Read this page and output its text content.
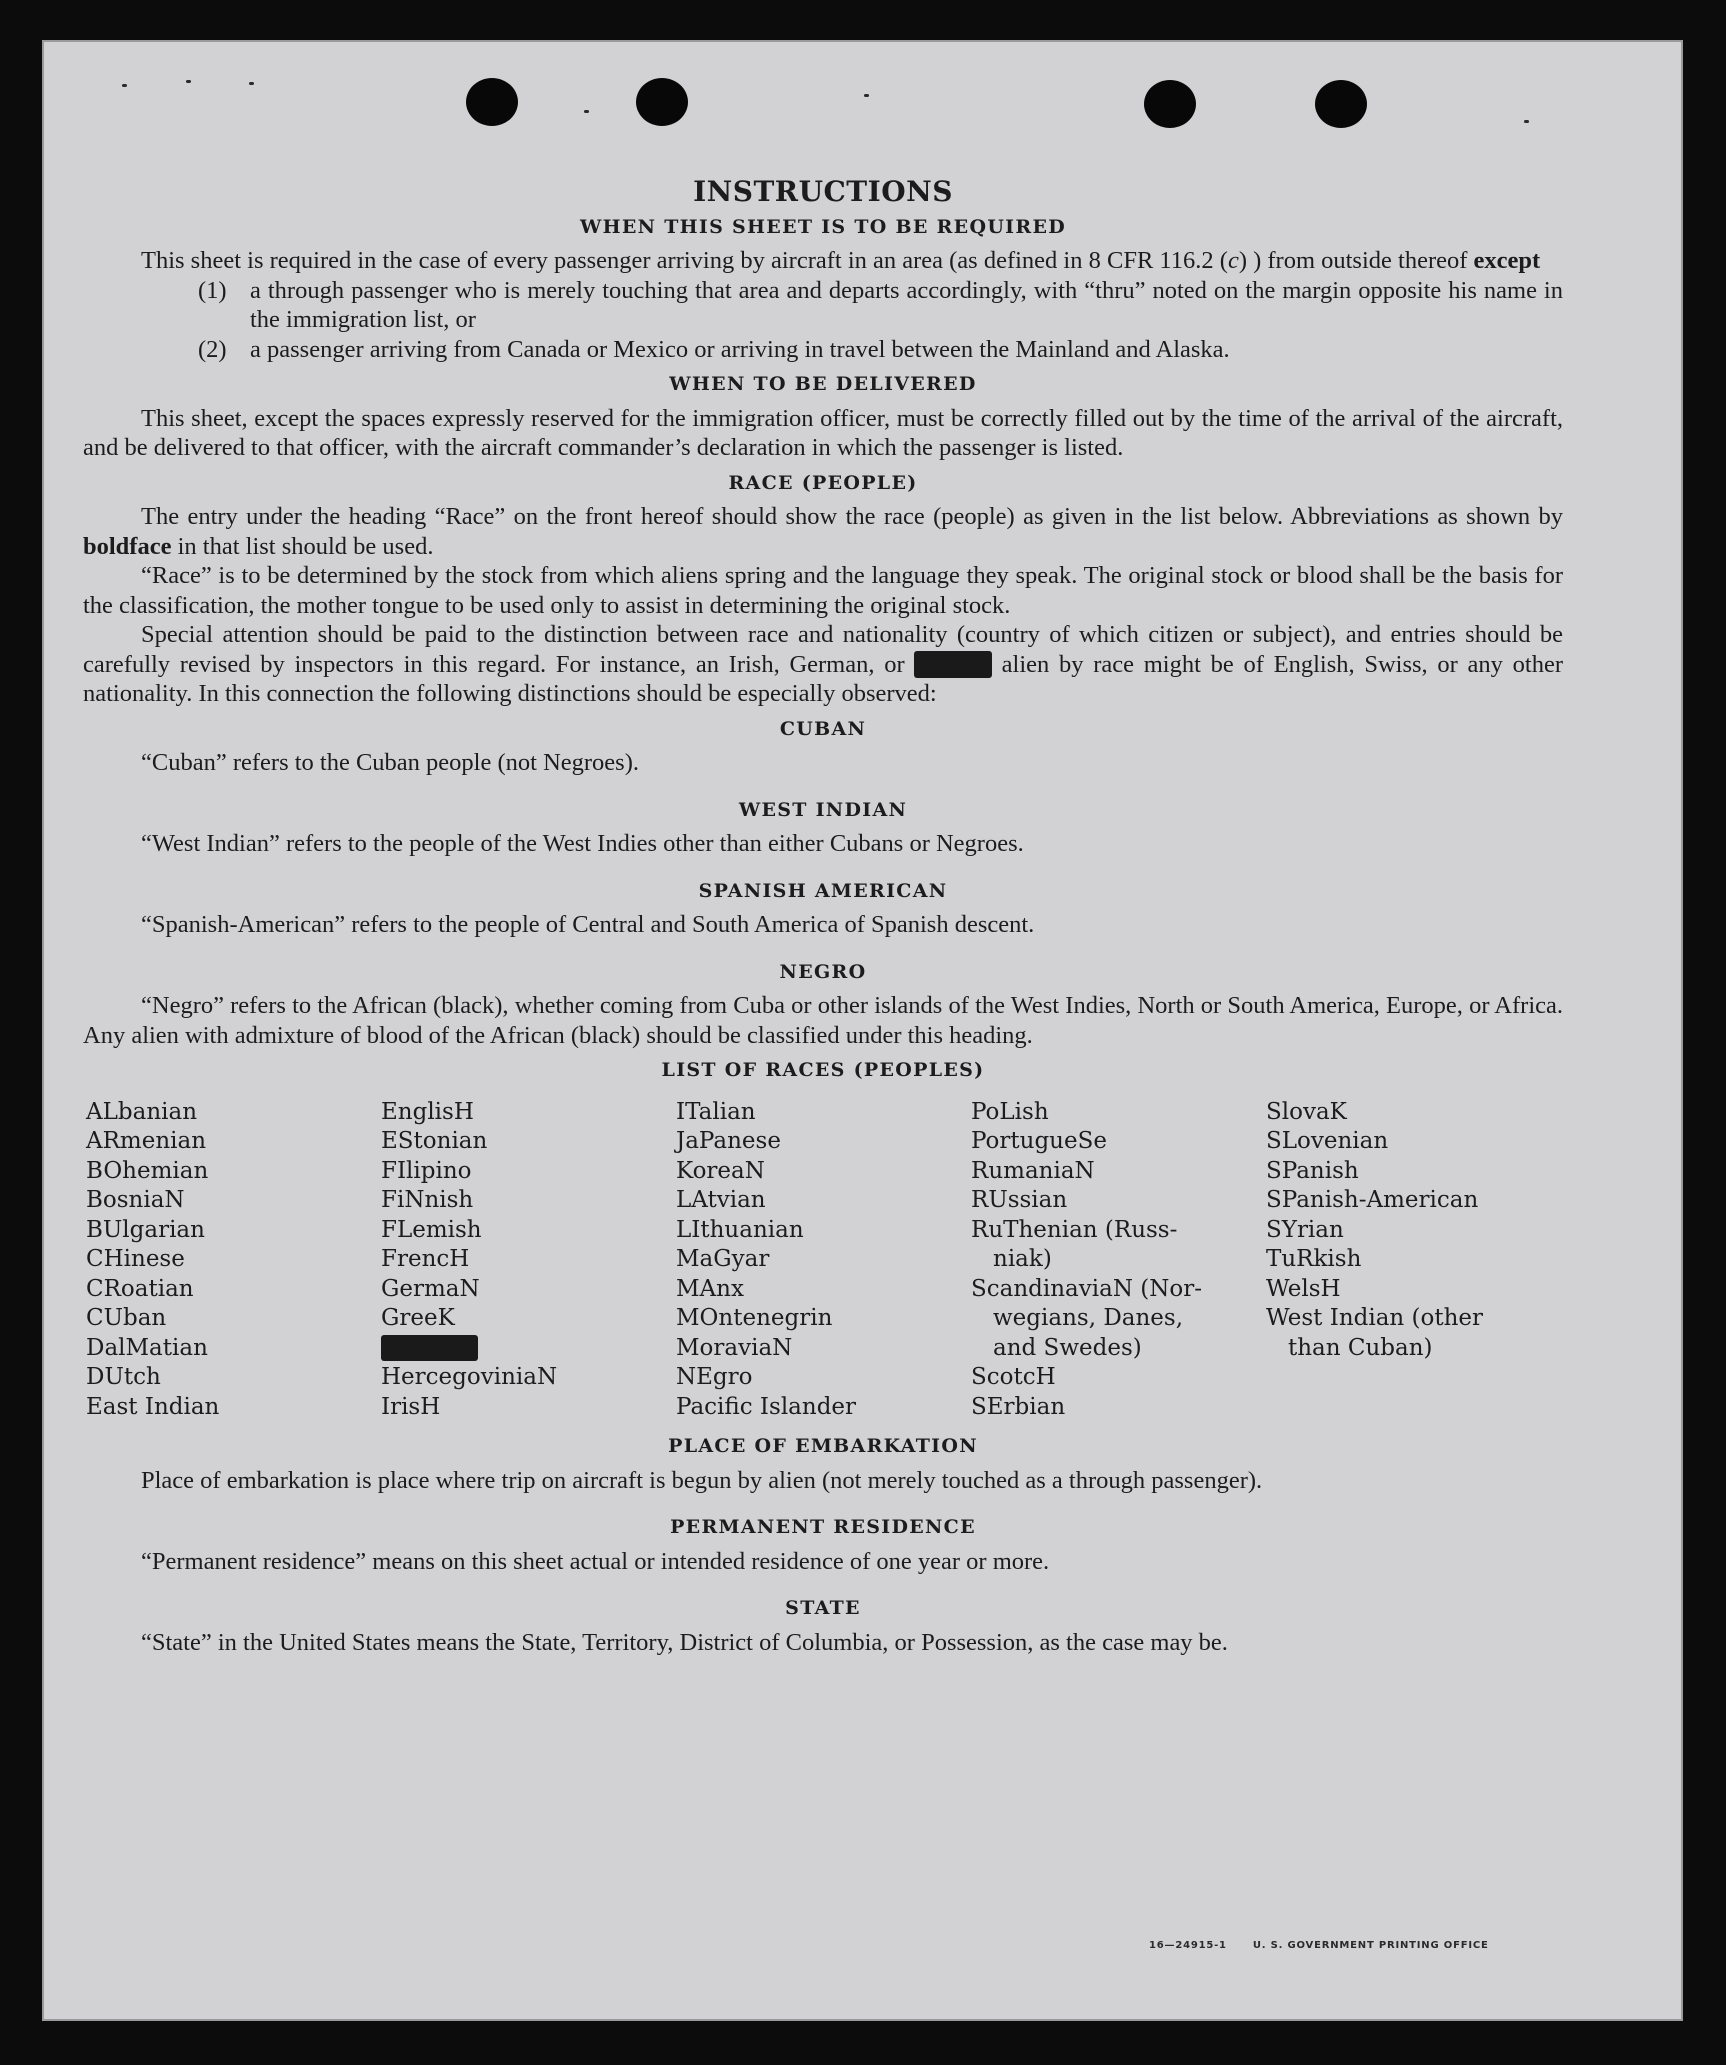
INSTRUCTIONS
WHEN THIS SHEET IS TO BE REQUIRED

This sheet is required in the case of every passenger arriving by aircraft in an area (as defined in 8 CFR 116.2 (c) ) from outside thereof except

(1) a through passenger who is merely touching that area and departs accordingly, with “thru” noted on the margin opposite his name in the immigration list, or
(2) a passenger arriving from Canada or Mexico or arriving in travel between the Mainland and Alaska.
WHEN TO BE DELIVERED

This sheet, except the spaces expressly reserved for the immigration officer, must be correctly filled out by the time of the arrival of the aircraft, and be delivered to that officer, with the aircraft commander’s declaration in which the passenger is listed.

RACE (PEOPLE)

The entry under the heading “Race” on the front hereof should show the race (people) as given in the list below. Abbreviations as shown by boldface in that list should be used.

“Race” is to be determined by the stock from which aliens spring and the language they speak. The original stock or blood shall be the basis for the classification, the mother tongue to be used only to assist in determining the original stock.

Special attention should be paid to the distinction between race and nationality (country of which citizen or subject), and entries should be carefully revised by inspectors in this regard. For instance, an Irish, German, or Hebrew alien by race might be of English, Swiss, or any other nationality. In this connection the following distinctions should be especially observed:

CUBAN

“Cuban” refers to the Cuban people (not Negroes).

WEST INDIAN

“West Indian” refers to the people of the West Indies other than either Cubans or Negroes.

SPANISH AMERICAN

“Spanish-American” refers to the people of Central and South America of Spanish descent.

NEGRO

“Negro” refers to the African (black), whether coming from Cuba or other islands of the West Indies, North or South America, Europe, or Africa. Any alien with admixture of blood of the African (black) should be classified under this heading.

LIST OF RACES (PEOPLES)
ALbanian
ARmenian
BOhemian
BosniaN
BUlgarian
CHinese
CRoatian
CUban
DalMatian
DUtch
East Indian
EnglisH
EStonian
FIlipino
FiNnish
FLemish
FrencH
GermaN
GreeK
HebreW
HercegoviniaN
IrisH
ITalian
JaPanese
KoreaN
LAtvian
LIthuanian
MaGyar
MAnx
MOntenegrin
MoraviaN
NEgro
Pacific Islander
PoLish
PortugueSe
RumaniaN
RUssian
RuThenian (Russ-
niak)
ScandinaviaN (Nor-
wegians, Danes,
and Swedes)
ScotcH
SErbian
SlovaK
SLovenian
SPanish
SPanish-American
SYrian
TuRkish
WelsH
West Indian (other
than Cuban)
PLACE OF EMBARKATION

Place of embarkation is place where trip on aircraft is begun by alien (not merely touched as a through passenger).

PERMANENT RESIDENCE

“Permanent residence” means on this sheet actual or intended residence of one year or more.

STATE

“State” in the United States means the State, Territory, District of Columbia, or Possession, as the case may be.

16—24915-1	U. S. GOVERNMENT PRINTING OFFICE
